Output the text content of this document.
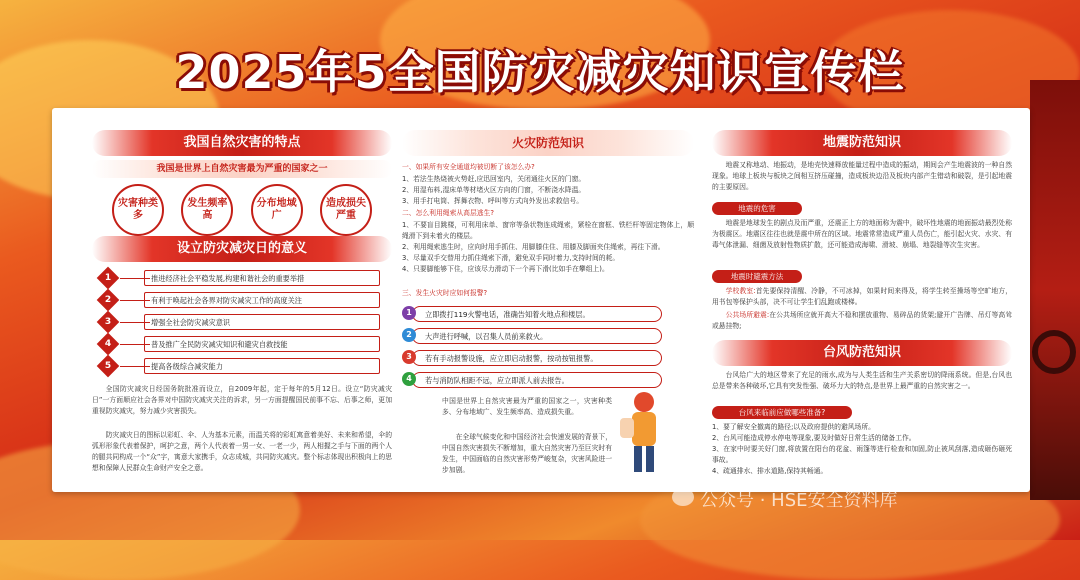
2025年5全国防灾减灾知识宣传栏
我国自然灾害的特点
我国是世界上自然灾害最为严重的国家之一
灾害种类多
发生频率高
分布地域广
造成损失严重
设立防灾减灾日的意义
1	推进经济社会平稳发展,构建和谐社会的重要举措
2	有利于唤起社会各界对防灾减灾工作的高度关注
3	增强全社会防灾减灾意识
4	普及推广全民防灾减灾知识和避灾自救技能
5	提高各级综合减灾能力
全国防灾减灾日经国务院批准而设立，自2009年起，定于每年的5月12日。设立“防灾减灾日”一方面顺应社会各界对中国防灾减灾关注的诉求，另一方面提醒国民前事不忘、后事之师，更加重视防灾减灾，努力减少灾害损失。
防灾减灾日的图标以彩虹、伞、人为基本元素，而温关将的彩虹寓意着美好、未来和希望，伞的弧形形象代表着保护，呵护之意，两个人代表着一男一女、一老一少，两人相握之手与下面的两个人的腿共同构成一个“众”字，寓意大家携手，众志成城，共同防灾减灾。整个标志体现出积极向上的思想和保障人民群众生命财产安全之意。
火灾防范知识
一、如果所有安全通道均被切断了该怎么办?
1、若法生热烧被火势赶,应迅回室内，关闭通往火区的门窗。
2、用湿布料,湿床单等材堵火区方向的门窗，不断浇水降温。
3、用手打电筒、挥舞衣物、呼叫等方式向外发出求救信号。
二、怎么利用绳索从高层逃生?
1、不要盲目跳楼，可利用床单、窗帘等条状物连成绳索，紧栓在窗框、铁栏杆等固定物体上，顺绳滑下到未着火的楼层。
2、利用绳索逃生时，应向时用手抓住、用脚膝住住、用膝及脚面夹住绳索，再往下滑。
3、尽量双手交替用力抓住绳索下滑，避免双手同时着力,支持时间的耗。
4、只要脚能够下住，应该尽力滑动下一个再下滑(比如手在攀组上)。
三、发生火灾时应如何报警?
立即拨打119火警电话，准确告知着火地点和楼层。
1
大声进行呼喊，以召集人员前来救火。
2
若有手动报警设施，应立即启动报警，按动按钮报警。
3
若与消防队相距不远，应立即派人前去报告。
4
中国是世界上自然灾害最为严重的国家之一，灾害种类多、分布地域广、发生频率高、造成损失重。
在全球气候变化和中国经济社会快速发展的背景下，中国自然灾害损失不断增加，重大自然灾害乃至巨灾时有发生，中国面临的自然灾害形势严峻复杂，灾害风险进一步加剧。
地震防范知识
地震又称地动、地振动，是地壳快速释放能量过程中造成的振动，期间会产生地震波的一种自然现象。地球上板块与板块之间相互挤压碰撞，造成板块边沿及板块内部产生错动和破裂，是引起地震的主要原因。
地震的危害
地震是地球发生的剧点及而严重，还震正上方的地面称为震中，破坏性地震的地面振动最烈处称为极震区。地震区往往也就是震中所在的区域。地震常常造成严重人员伤亡，能引起火灾、水灾、有毒气体泄漏、细菌及放射性物质扩散，还可能造成海啸、滑坡、崩塌、地裂缝等次生灾害。
地震时避震方法
学校教室:首先要保持清醒、冷静，不可冰掉，如果时间来得及，将学生转至操场等空旷地方，用书包等保护头部，决不可让学生们乱跑或楼梯。
公共场所避震:在公共场所应就开高大不稳和摆放重物、易碎品的货架;避开广告牌、吊灯等高耸或悬挂物;
台风防范知识
台风给广大的地区带来了充足的雨水,成为与人类生活和生产关系密切的降雨系统。但是,台风也总是带来各种破坏,它具有突发性强、破坏力大的特点,是世界上最严重的自然灾害之一。
台风来临前应做哪些准备?
1、要了解安全撤离的路径;以及政府提供的避风场所。
2、台风可能造成停水停电等现象,要及时做好日常生活的储备工作。
3、在家中时要关好门窗,将放置在阳台的花盆、雨篷等进行检查和加固,防止被风刮落,造成砸伤砸死事故。
4、疏通排水、排水道路,保持其畅通。
公众号 · HSE安全资料库
